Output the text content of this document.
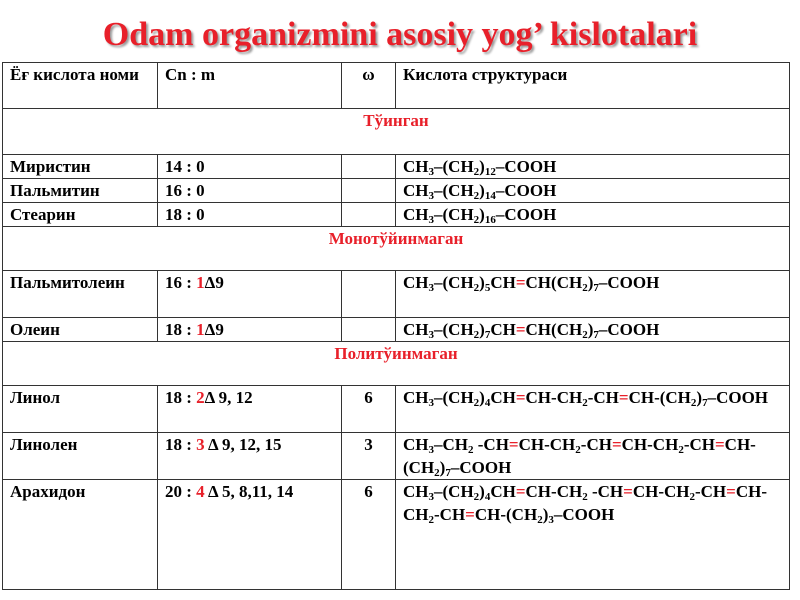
Odam organizmini asosiy yog’ kislotalari
Ёғ кислота номи	Cn : m	ω	Кислота структураси
Тўинган			
Миристин	14 : 0		$CH_3-(CH_2)_{12}$–COOH
Пальмитин	16 : 0		$CH_3-(CH_2)_{14}$–COOH
Стеарин	18 : 0		$CH_3-(CH_2)_{16}$–COOH
Монотўйинмаган			
Пальмитолеин	16 : 1Δ9		$CH_3-(CH_2)_5CH=CH(CH_2)_7$–COOH
Олеин	18 : 1Δ9		$CH_3-(CH_2)_7CH=CH(CH_2)_7$–COOH
Политўинмаган			
Линол	18 : 2Δ 9, 12	6	$CH_3-(CH_2)_4CH=CH-CH_2-CH=CH-(CH_2)_7$–COOH
Линолен	18 : 3 Δ 9, 12, 15	3	$CH_3-CH_2$ $-CH=CH-CH_2-CH=CH-CH_2-CH=CH-(CH_2)_7$–COOH
Арахидон	20 : 4 Δ 5, 8,11, 14	6	$CH_3-(CH_2)_4CH=CH-CH_2$ $-CH=CH-CH_2-CH=CH-CH_2-CH=CH-(CH_2)_3$–COOH
